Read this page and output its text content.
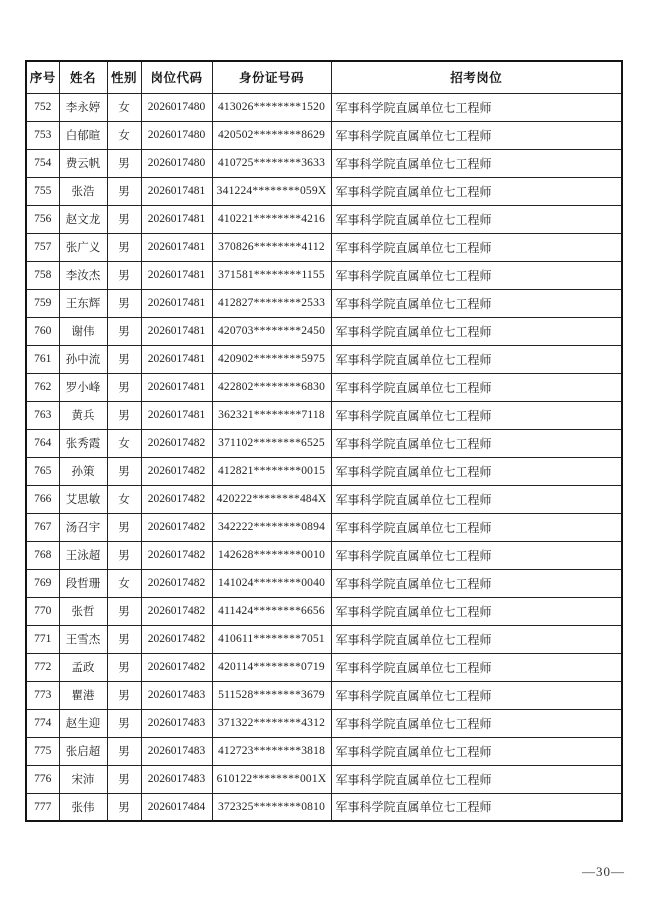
序号	姓名	性别	岗位代码	身份证号码	招考岗位
752	李永婷	女	2026017480	413026********1520	军事科学院直属单位七工程师
753	白郁暄	女	2026017480	420502********8629	军事科学院直属单位七工程师
754	费云帆	男	2026017480	410725********3633	军事科学院直属单位七工程师
755	张浩	男	2026017481	341224********059X	军事科学院直属单位七工程师
756	赵文龙	男	2026017481	410221********4216	军事科学院直属单位七工程师
757	张广义	男	2026017481	370826********4112	军事科学院直属单位七工程师
758	李汝杰	男	2026017481	371581********1155	军事科学院直属单位七工程师
759	王东辉	男	2026017481	412827********2533	军事科学院直属单位七工程师
760	谢伟	男	2026017481	420703********2450	军事科学院直属单位七工程师
761	孙中流	男	2026017481	420902********5975	军事科学院直属单位七工程师
762	罗小峰	男	2026017481	422802********6830	军事科学院直属单位七工程师
763	黄兵	男	2026017481	362321********7118	军事科学院直属单位七工程师
764	张秀霞	女	2026017482	371102********6525	军事科学院直属单位七工程师
765	孙策	男	2026017482	412821********0015	军事科学院直属单位七工程师
766	艾思敏	女	2026017482	420222********484X	军事科学院直属单位七工程师
767	汤召宇	男	2026017482	342222********0894	军事科学院直属单位七工程师
768	王泳超	男	2026017482	142628********0010	军事科学院直属单位七工程师
769	段哲珊	女	2026017482	141024********0040	军事科学院直属单位七工程师
770	张哲	男	2026017482	411424********6656	军事科学院直属单位七工程师
771	王雪杰	男	2026017482	410611********7051	军事科学院直属单位七工程师
772	孟政	男	2026017482	420114********0719	军事科学院直属单位七工程师
773	瞿港	男	2026017483	511528********3679	军事科学院直属单位七工程师
774	赵生迎	男	2026017483	371322********4312	军事科学院直属单位七工程师
775	张启超	男	2026017483	412723********3818	军事科学院直属单位七工程师
776	宋沛	男	2026017483	610122********001X	军事科学院直属单位七工程师
777	张伟	男	2026017484	372325********0810	军事科学院直属单位七工程师
—30—
